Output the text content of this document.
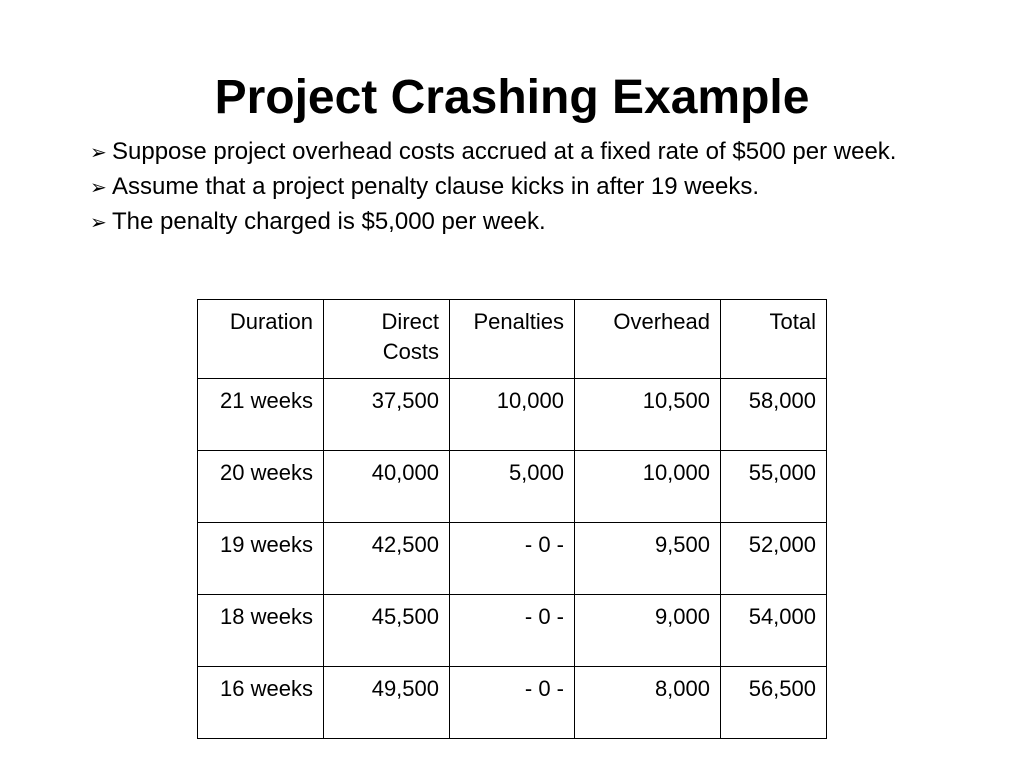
Project Crashing Example
➢ Suppose project overhead costs accrued at a fixed rate of $500 per week.
➢ Assume that a project penalty clause kicks in after 19 weeks.
➢ The penalty charged is $5,000 per week.
Duration	Direct Costs	Penalties	Overhead	Total
21 weeks	37,500	10,000	10,500	58,000
20 weeks	40,000	5,000	10,000	55,000
19 weeks	42,500	- 0 -	9,500	52,000
18 weeks	45,500	- 0 -	9,000	54,000
16 weeks	49,500	- 0 -	8,000	56,500
